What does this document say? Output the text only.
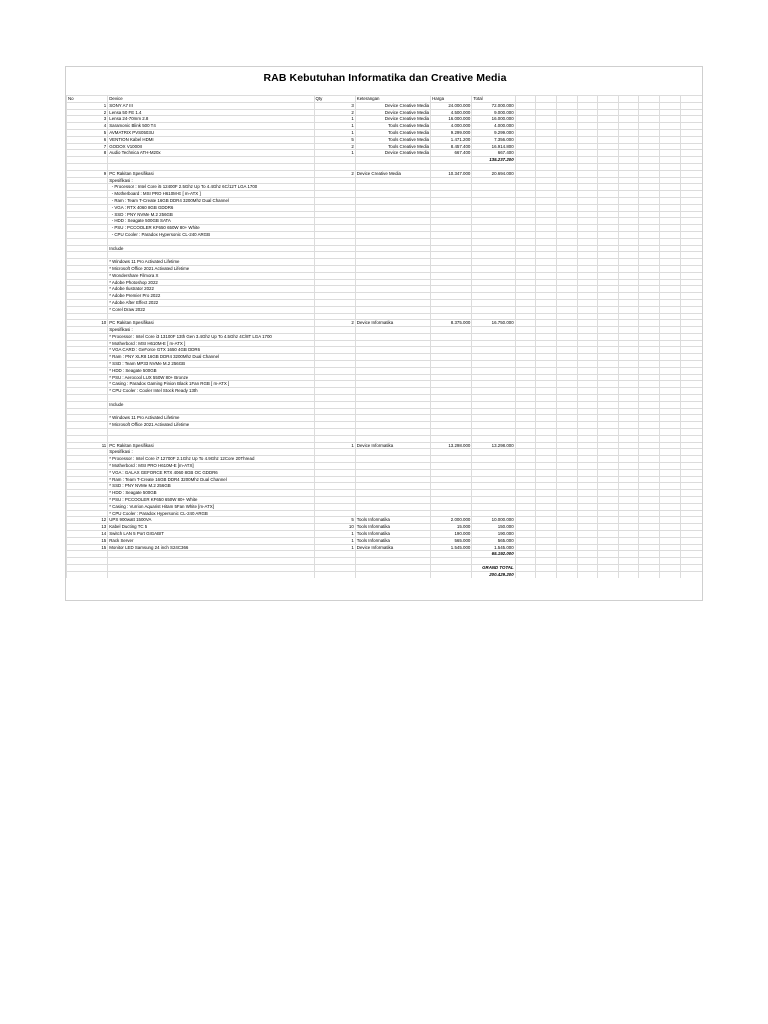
RAB Kebutuhan Informatika dan Creative Media
No	Device	Qty	Keterangan	Harga	Total									
1	SONY A7 III	3	Device Creative Media	24.000.000	72.000.000									
2	Lensa 50 FE 1.4	2	Device Creative Media	4.500.000	9.000.000									
3	Lensa 24-70mm 2.8	1	Device Creative Media	16.000.000	16.000.000									
4	Saramonic Blink 500 T4	1	Tools Creative Media	4.000.000	4.000.000									
5	AVMATRIX PVS0503U	1	Tools Creative Media	9.299.000	9.299.000									
6	VENTION Kabel HDMI	5	Tools Creative Media	1.471.200	7.356.000									
7	GODOX V1000II	2	Tools Creative Media	8.457.400	16.914.800									
8	Audio Technica ATH-M20x	1	Device Creative Media	667.400	667.400									
					135.237.200									

9	PC Rakitan Spesifikasi	2	Device Creative Media	10.347.000	20.694.000									
	Spesifikasi :													
	- Processor : Intel Core i5 12400F 2.5Ghz Up To 4.4Ghz 6C/12T LGA 1700													
	- Motherboard : MSI PRO H610M-E [ m-ATX ]													
	- Ram : Team T-Create 16GB DDR4 3200Mhz Dual Channel													
	- VGA : RTX 4060 8GB GDDR6													
	- SSD : PNY NVMe M.2 256GB													
	- HDD : Seagate 500GB SATA													
	- PSU : PCCOOLER KF650 650W 80+ White													
	- CPU Cooler : Paradox Hypersonic CL-240 ARGB													

	Include													

	* Windows 11 Pro Activated Lifetime													
	* Microsoft Office 2021 Activated Lifetime													
	* Wondershare Filmora X													
	* Adobe Photoshop 2022													
	* Adobe Ilustrator 2022													
	* Adobe Premier Pro 2022													
	* Adobe After Effect 2022													
	* Corel Draw 2022													

10	PC Rakitan Spesifikasi	2	Device Informatika	8.375.000	16.750.000									
	Spesifikasi :													
	* Processor : Intel Core i3 13100F 13th Gen 3.4Ghz Up To 4.5Ghz 4C/8T LGA 1700													
	* Motherbord : MSI H610M-E [ m-ATX ]													
	* VGA CARD : GeForce GTX 1650 4GB DDR6													
	* Ram : PNY XLR8 16GB DDR4 3200Mhz Dual Channel													
	* SSD : Team MP33 NVMe M.2 256GB													
	* HDD : Seagate 500GB													
	* PSU : Aerocool LUX 550W 80+ Bronze													
	* Casing : Paradox Gaming Pinion Black 1Fan RGB [ m-ATX ]													
	* CPU Cooler : Cooler Intel Stock Ready 13th													

	Include													

	* Windows 11 Pro Activated Lifetime													
	* Microsoft Office 2021 Activated Lifetime													

11	PC Rakitan Spesifikasi	1	Device Informatika	13.298.000	13.298.000									
	Spesifikasi :													
	* Processor : Intel Core i7 12700F 2.1Ghz Up To 4.9Ghz 12Core 20Thread													
	* Motherbord : MSI PRO H610M-E [m-ATX]													
	* VGA : GALAX GEFORCE RTX 4060 8GB OC GDDR6													
	* Ram : Team T-Create 16GB DDR4 3200Mhz Dual Channel													
	* SSD : PNY NVMe M.2 256GB													
	* HDD : Seagate 500GB													
	* PSU : PCCOOLER KF650 650W 80+ White													
	* Casing : Vurrion Aquarist Hitam 5Fan White [m-ATX]													
	* CPU Cooler : Paradox Hypersonic CL-240 ARGB													
12	UPS 900watt 1500VA	5	Tools Informatika	2.000.000	10.000.000									
13	Kabel Ducting TC 5	10	Tools Informatika	15.000	150.000									
14	Switch LAN 5 Port GIGABIT	1	Tools Informatika	190.000	190.000									
15	Rack Server	1	Tools Informatika	565.000	565.000									
15	Monitor LED Samsung 24 inch S24C366	1	Device Informatika	1.545.000	1.545.000									
					65.192.000									

					GRAND TOTAL									
					200.429.200									
